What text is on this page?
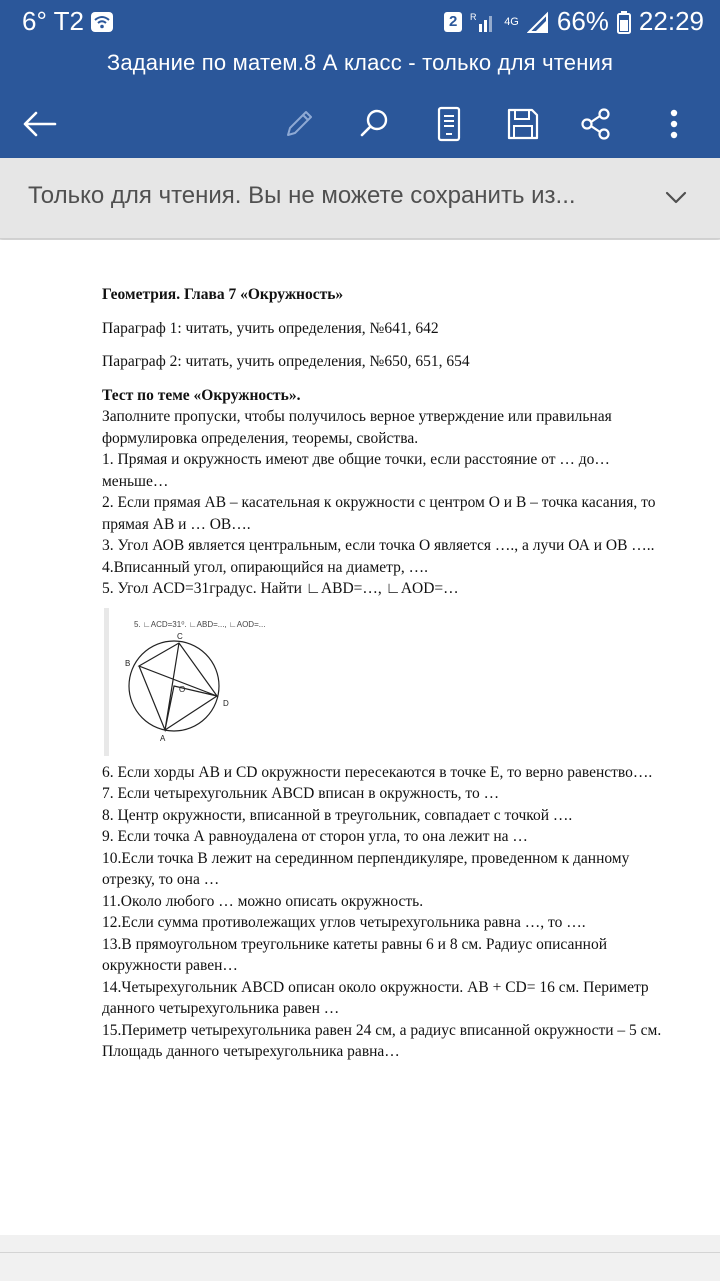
6° T2	2	R	4G 66% 22:29
Задание по матем.8 А класс - только для чтения
Только для чтения. Вы не можете сохранить из...

Геометрия. Глава 7 «Окружность»

Параграф 1: читать, учить определения, №641, 642

Параграф 2: читать, учить определения, №650, 651, 654

Тест по теме «Окружность».

Заполните пропуски, чтобы получилось верное утверждение или правильная формулировка определения, теоремы, свойства.

1. Прямая и окружность имеют две общие точки, если расстояние от … до… меньше…

2. Если прямая АВ – касательная к окружности с центром О и В – точка касания, то прямая АВ и … ОВ….

3. Угол АОВ является центральным, если точка О является …., а лучи ОА и ОВ …..

4.Вписанный угол, опирающийся на диаметр, ….

5. Угол ACD=31градус. Найти ∟ABD=…, ∟AOD=…

5. ∟ACD=31⁰. ∟ABD=..., ∟AOD=...
B
C
O
D
A

6. Если хорды АВ и CD окружности пересекаются в точке Е, то верно равенство….

7. Если четырехугольник АВСD вписан в окружность, то …

8. Центр окружности, вписанной в треугольник, совпадает с точкой ….

9. Если точка А равноудалена от сторон угла, то она лежит на …

10.Если точка В лежит на серединном перпендикуляре, проведенном к данному отрезку, то она …

11.Около любого … можно описать окружность.

12.Если сумма противолежащих углов четырехугольника равна …, то ….

13.В прямоугольном треугольнике катеты равны 6 и 8 см. Радиус описанной окружности равен…

14.Четырехугольник ABCD описан около окружности. AB + CD= 16 см. Периметр данного четырехугольника равен …

15.Периметр четырехугольника равен 24 см, а радиус вписанной окружности – 5 см. Площадь данного четырехугольника равна…
